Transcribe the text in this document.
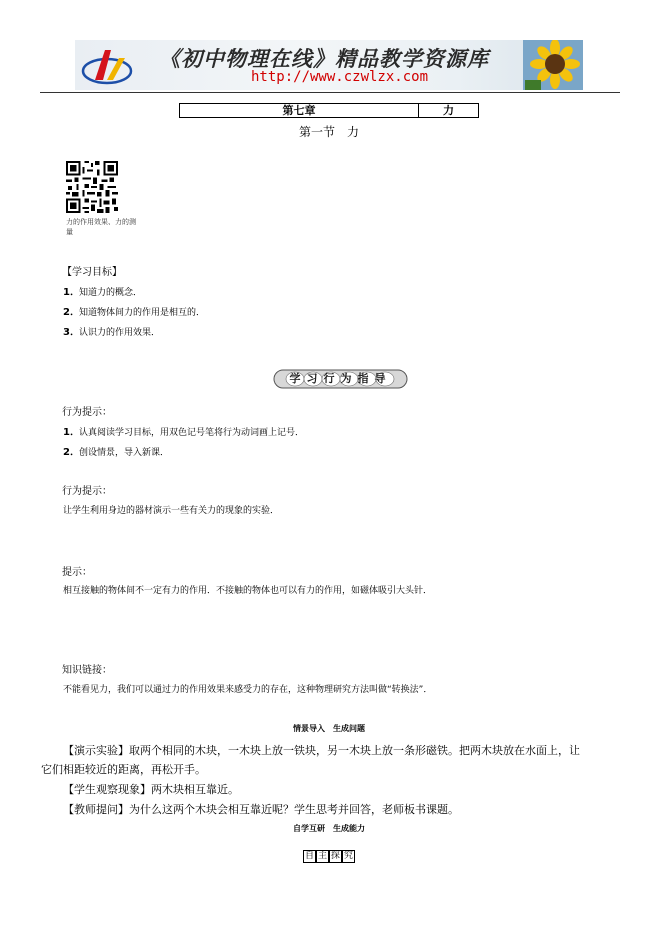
《初中物理在线》精品教学资源库
http://www.czwlzx.com
第七章	力
第一节　力
力的作用效果、力的测量
【学习目标】
1．知道力的概念．
2．知道物体间力的作用是相互的．
3．认识力的作用效果．
学习行为指导
行为提示：
1．认真阅读学习目标，用双色记号笔将行为动词画上记号．
2．创设情景，导入新课．
行为提示：
让学生利用身边的器材演示一些有关力的现象的实验．
提示：
相互接触的物体间不一定有力的作用．不接触的物体也可以有力的作用，如磁体吸引大头针．
知识链接：
不能看见力，我们可以通过力的作用效果来感受力的存在，这种物理研究方法叫做“转换法”．
情景导入　生成问题
【演示实验】取两个相同的木块，一木块上放一铁块，另一木块上放一条形磁铁。把两木块放在水面上，让
它们相距较近的距离，再松开手。
【学生观察现象】两木块相互靠近。
【教师提问】为什么这两个木块会相互靠近呢？学生思考并回答，老师板书课题。
自学互研　生成能力
自 主 探 究
